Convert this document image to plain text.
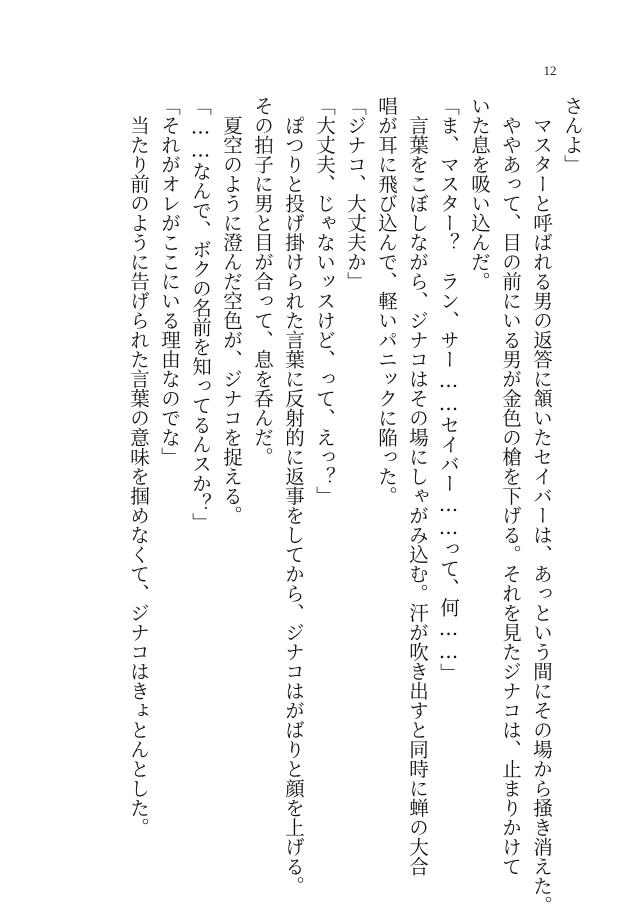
12

さんよ」

　マスターと呼ばれる男の返答に頷いたセイバーは、あっという間にその場から掻き消えた。

　ややあって、目の前にいる男が金色の槍を下げる。それを見たジナコは、止まりかけて

いた息を吸い込んだ。

「ま、マスター？　ラン、サー……セイバー……って、何……」

　言葉をこぼしながら、ジナコはその場にしゃがみ込む。汗が吹き出すと同時に蝉の大合

唱が耳に飛び込んで、軽いパニックに陥った。

「ジナコ、大丈夫か」

「大丈夫、じゃないッスけど、って、えっ？」

　ぽつりと投げ掛けられた言葉に反射的に返事をしてから、ジナコはがばりと顔を上げる。

その拍子に男と目が合って、息を呑んだ。

　夏空のように澄んだ空色が、ジナコを捉える。

「……なんで、ボクの名前を知ってるんスか？」

「それがオレがここにいる理由なのでな」

　当たり前のように告げられた言葉の意味を掴めなくて、ジナコはきょとんとした。
